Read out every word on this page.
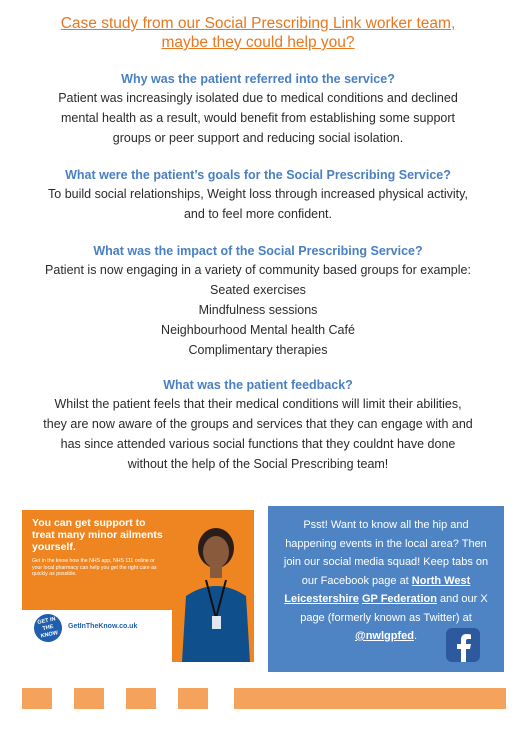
Case study from our Social Prescribing Link worker team,
maybe they could help you?
Why was the patient referred into the service?
Patient was increasingly isolated due to medical conditions and declined
mental health as a result, would benefit from establishing some support
groups or peer support and reducing social isolation.
What were the patient’s goals for the Social Prescribing Service?
To build social relationships, Weight loss through increased physical activity,
and to feel more confident.
What was the impact of the Social Prescribing Service?
Patient is now engaging in a variety of community based groups for example:
Seated exercises
Mindfulness sessions
Neighbourhood Mental health Café
Complimentary therapies
What was the patient feedback?
Whilst the patient feels that their medical conditions will limit their abilities,
they are now aware of the groups and services that they can engage with and
has since attended various social functions that they couldnt have done
without the help of the Social Prescribing team!
You can get support to treat many minor ailments yourself.
Get in the know how the NHS app, NHS 111 online or your local pharmacy can help you get the right care as quickly as possible.
GET IN THE KNOW
GetInTheKnow.co.uk
Psst! Want to know all the hip and happening events in the local area? Then join our social media squad! Keep tabs on our Facebook page at North West Leicestershire GP Federation and our X page (formerly known as Twitter) at @nwlgpfed.
